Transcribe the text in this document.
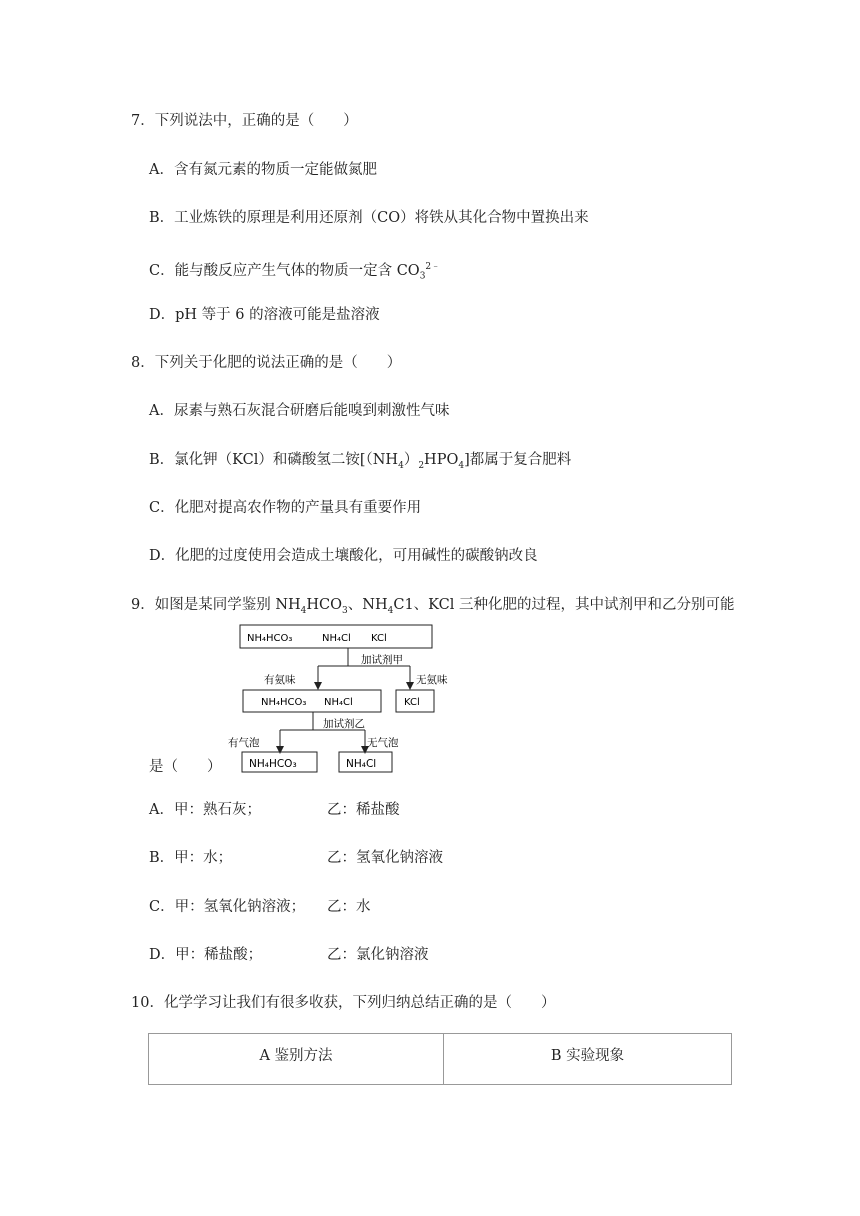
7．下列说法中，正确的是（　　）
A．含有氮元素的物质一定能做氮肥
B．工业炼铁的原理是利用还原剂（CO）将铁从其化合物中置换出来
C．能与酸反应产生气体的物质一定含 $CO_3^{2﹣}$
D．pH 等于 6 的溶液可能是盐溶液
8．下列关于化肥的说法正确的是（　　）
A．尿素与熟石灰混合研磨后能嗅到刺激性气味
B．氯化钾（KCl）和磷酸氢二铵$[(NH_4)_2HPO_4]$都属于复合肥料
C．化肥对提高农作物的产量具有重要作用
D．化肥的过度使用会造成土壤酸化，可用碱性的碳酸钠改良
9．如图是某同学鉴别 $NH_4HCO_3$、$NH_4C1$、KCl 三种化肥的过程，其中试剂甲和乙分别可能
NH₄HCO₃	NH₄Cl KCl
加试剂甲
有氨味	无氨味
NH₄HCO₃ NH₄Cl	KCl
加试剂乙
有气泡	无气泡
NH₄HCO₃	NH₄Cl
是（　　）
A．甲：熟石灰；	乙：稀盐酸
B．甲：水；	乙：氢氧化钠溶液
C．甲：氢氧化钠溶液； 乙：水
D．甲：稀盐酸；	乙：氯化钠溶液
10．化学学习让我们有很多收获，下列归纳总结正确的是（　　）
A 鉴别方法	B 实验现象
